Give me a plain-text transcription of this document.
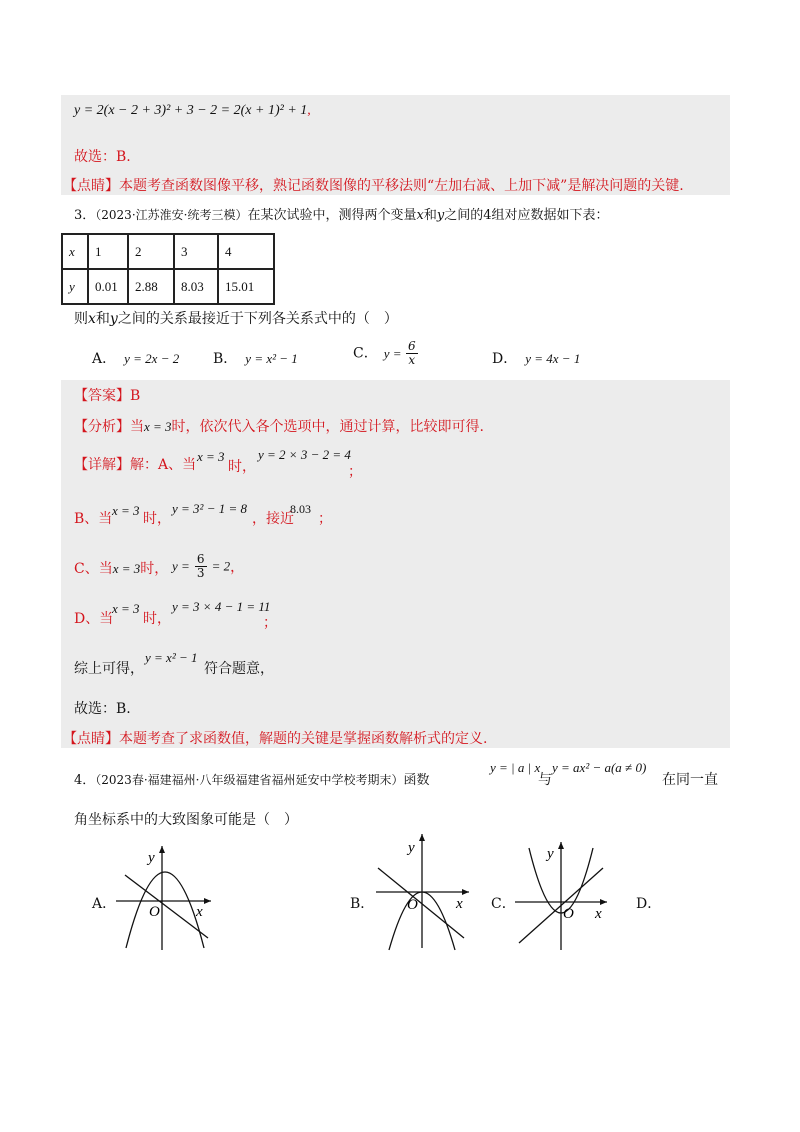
y = 2(x − 2 + 3)² + 3 − 2 = 2(x + 1)² + 1,
故选：B.
【点睛】本题考查函数图像平移，熟记函数图像的平移法则“左加右减、上加下减”是解决问题的关键.
3．（2023·江苏淮安·统考三模）在某次试验中，测得两个变量x和y之间的4组对应数据如下表：
x	1	2	3	4
y	0.01	2.88	8.03	15.01
则x和y之间的关系最接近于下列各关系式中的（　）
A． y = 2x − 2 B． y = x² − 1	C． $y = \frac{6}{x}$	D． y = 4x − 1
【答案】B
【分析】当x = 3时，依次代入各个选项中，通过计算，比较即可得.
【详解】解：A、当
x = 3
时，
y = 2 × 3 − 2 = 4
；
B、当
x = 3
时，
y = 3² − 1 = 8
，接近
8.03
；
C、当x = 3时， $y = \frac{6}{3} = 2$，
D、当
x = 3
时，
y = 3 × 4 − 1 = 11
；
综上可得，
y = x² − 1
符合题意，
故选：B.
【点睛】本题考查了求函数值，解题的关键是掌握函数解析式的定义.
4．（2023春·福建福州·八年级福建省福州延安中学校考期末）函数
y = | a | x
与
y = ax² − a(a ≠ 0)
在同一直
角坐标系中的大致图象可能是（　）
A．	B．	C．	D．
y
x
O
y
x
O
y
x
O
